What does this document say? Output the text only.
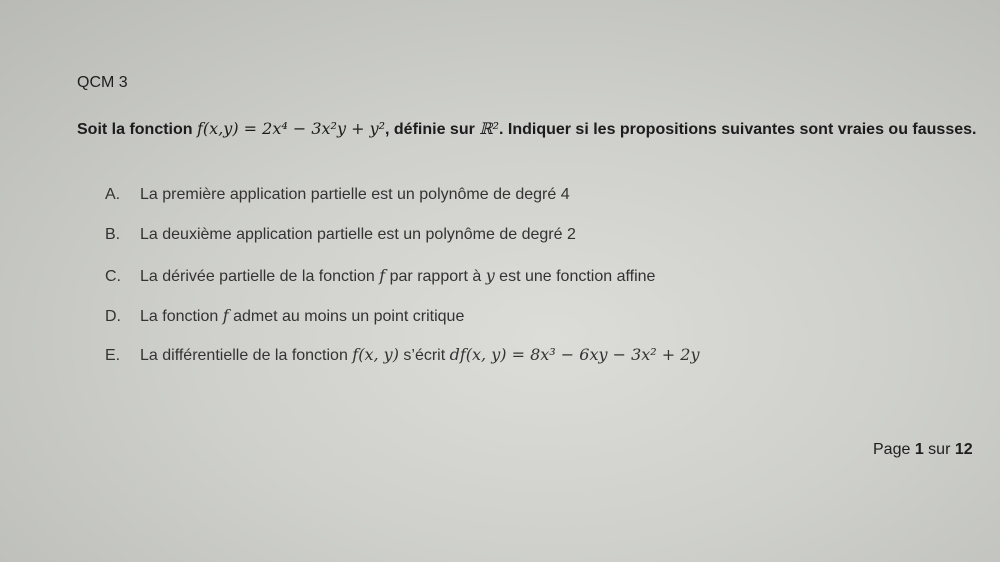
QCM 3
Soit la fonction f(x,y) = 2x⁴ − 3x²y + y², définie sur ℝ². Indiquer si les propositions suivantes sont vraies ou fausses.
A. La première application partielle est un polynôme de degré 4
B. La deuxième application partielle est un polynôme de degré 2
C. La dérivée partielle de la fonction f par rapport à y est une fonction affine
D. La fonction f admet au moins un point critique
E. La différentielle de la fonction f(x, y) s’écrit df(x, y) = 8x³ − 6xy − 3x² + 2y
Page 1 sur 12
